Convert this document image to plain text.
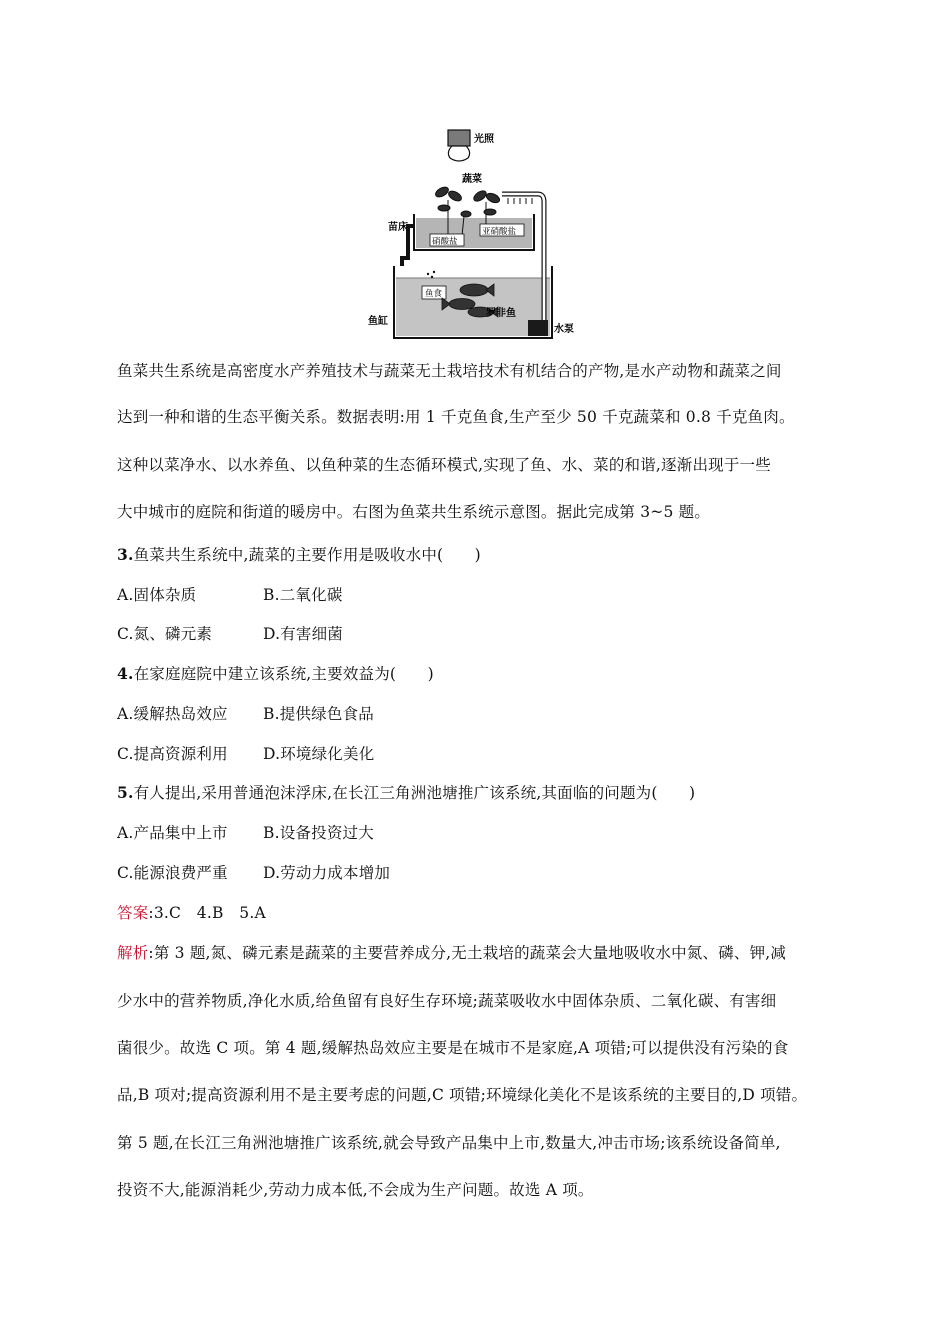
光照
蔬菜
苗床
硝酸盐
亚硝酸盐
鱼缸
鱼食
罗非鱼
水泵
鱼菜共生系统是高密度水产养殖技术与蔬菜无土栽培技术有机结合的产物,是水产动物和蔬菜之间
达到一种和谐的生态平衡关系。数据表明:用 1 千克鱼食,生产至少 50 千克蔬菜和 0.8 千克鱼肉。
这种以菜净水、以水养鱼、以鱼种菜的生态循环模式,实现了鱼、水、菜的和谐,逐渐出现于一些
大中城市的庭院和街道的暖房中。右图为鱼菜共生系统示意图。据此完成第 3~5 题。
3.鱼菜共生系统中,蔬菜的主要作用是吸收水中(　　)
A.固体杂质	B.二氧化碳
C.氮、磷元素	D.有害细菌
4.在家庭庭院中建立该系统,主要效益为(　　)
A.缓解热岛效应 B.提供绿色食品
C.提高资源利用 D.环境绿化美化
5.有人提出,采用普通泡沫浮床,在长江三角洲池塘推广该系统,其面临的问题为(　　)
A.产品集中上市 B.设备投资过大
C.能源浪费严重 D.劳动力成本增加
答案:3.C　4.B　5.A
解析:第 3 题,氮、磷元素是蔬菜的主要营养成分,无土栽培的蔬菜会大量地吸收水中氮、磷、钾,减
少水中的营养物质,净化水质,给鱼留有良好生存环境;蔬菜吸收水中固体杂质、二氧化碳、有害细
菌很少。故选 C 项。第 4 题,缓解热岛效应主要是在城市不是家庭,A 项错;可以提供没有污染的食
品,B 项对;提高资源利用不是主要考虑的问题,C 项错;环境绿化美化不是该系统的主要目的,D 项错。
第 5 题,在长江三角洲池塘推广该系统,就会导致产品集中上市,数量大,冲击市场;该系统设备简单,
投资不大,能源消耗少,劳动力成本低,不会成为生产问题。故选 A 项。
